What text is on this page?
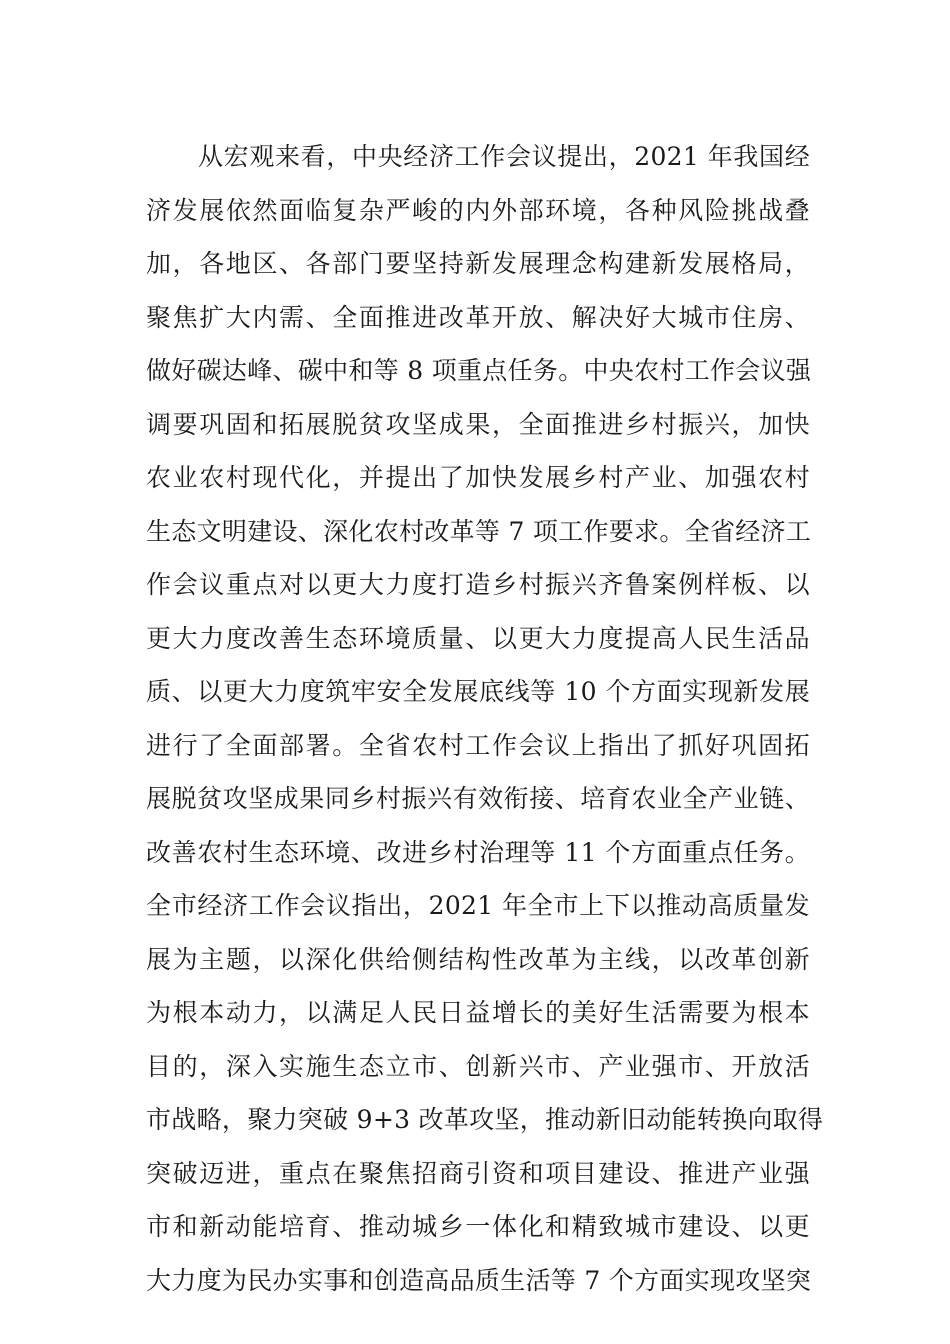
从宏观来看，中央经济工作会议提出，2021 年我国经
济发展依然面临复杂严峻的内外部环境，各种风险挑战叠
加，各地区、各部门要坚持新发展理念构建新发展格局，
聚焦扩大内需、全面推进改革开放、解决好大城市住房、
做好碳达峰、碳中和等 8 项重点任务。中央农村工作会议强
调要巩固和拓展脱贫攻坚成果，全面推进乡村振兴，加快
农业农村现代化，并提出了加快发展乡村产业、加强农村
生态文明建设、深化农村改革等 7 项工作要求。全省经济工
作会议重点对以更大力度打造乡村振兴齐鲁案例样板、以
更大力度改善生态环境质量、以更大力度提高人民生活品
质、以更大力度筑牢安全发展底线等 10 个方面实现新发展
进行了全面部署。全省农村工作会议上指出了抓好巩固拓
展脱贫攻坚成果同乡村振兴有效衔接、培育农业全产业链、
改善农村生态环境、改进乡村治理等 11 个方面重点任务。
全市经济工作会议指出，2021 年全市上下以推动高质量发
展为主题，以深化供给侧结构性改革为主线，以改革创新
为根本动力，以满足人民日益增长的美好生活需要为根本
目的，深入实施生态立市、创新兴市、产业强市、开放活
市战略，聚力突破 9+3 改革攻坚，推动新旧动能转换向取得
突破迈进，重点在聚焦招商引资和项目建设、推进产业强
市和新动能培育、推动城乡一体化和精致城市建设、以更
大力度为民办实事和创造高品质生活等 7 个方面实现攻坚突
